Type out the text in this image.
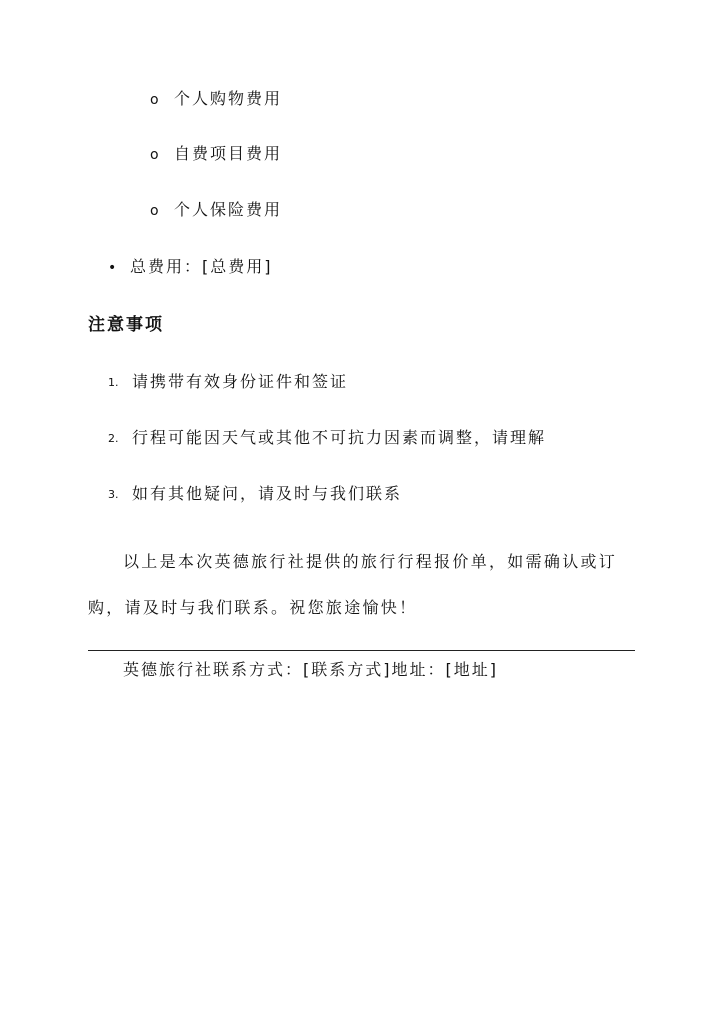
o 个人购物费用
o 自费项目费用
o 个人保险费用
• 总费用：[总费用]
注意事项
1. 请携带有效身份证件和签证
2. 行程可能因天气或其他不可抗力因素而调整，请理解
3. 如有其他疑问，请及时与我们联系

以上是本次英德旅行社提供的旅行行程报价单，如需确认或订购，请及时与我们联系。祝您旅途愉快！

英德旅行社联系方式：[联系方式]地址：[地址]
